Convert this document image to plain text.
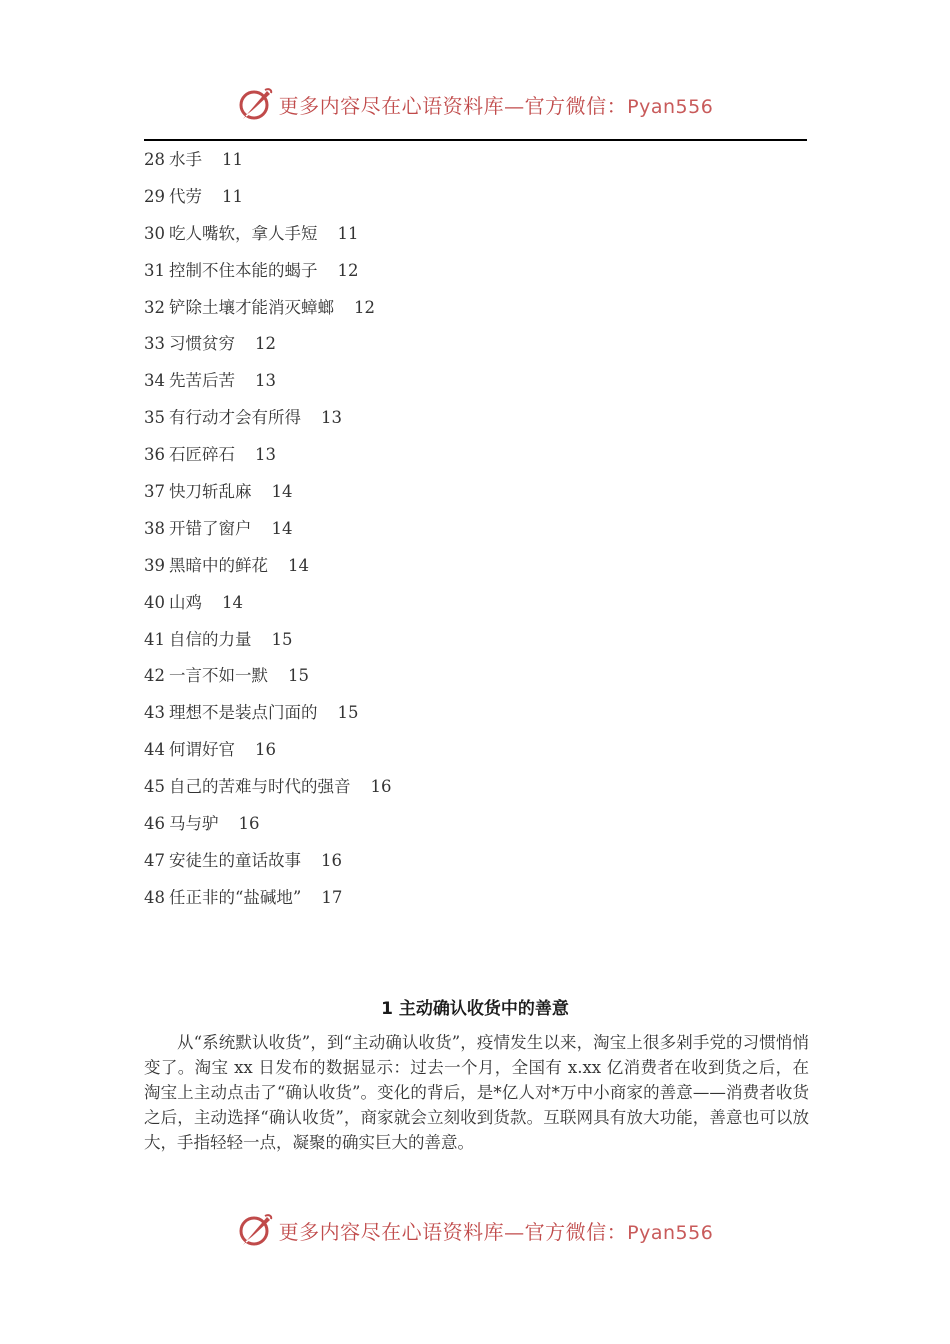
更多内容尽在心语资料库—官方微信：Pyan556
28 水手 11
29 代劳 11
30 吃人嘴软，拿人手短 11
31 控制不住本能的蝎子 12
32 铲除土壤才能消灭蟑螂 12
33 习惯贫穷 12
34 先苦后苦 13
35 有行动才会有所得 13
36 石匠碎石 13
37 快刀斩乱麻 14
38 开错了窗户 14
39 黑暗中的鲜花 14
40 山鸡 14
41 自信的力量 15
42 一言不如一默 15
43 理想不是装点门面的 15
44 何谓好官 16
45 自己的苦难与时代的强音 16
46 马与驴 16
47 安徒生的童话故事 16
48 任正非的“盐碱地” 17
1 主动确认收货中的善意

从“系统默认收货”，到“主动确认收货”，疫情发生以来，淘宝上很多剁手党的习惯悄悄变了。淘宝 xx 日发布的数据显示：过去一个月，全国有 x.xx 亿消费者在收到货之后，在淘宝上主动点击了“确认收货”。变化的背后，是*亿人对*万中小商家的善意——消费者收货之后，主动选择“确认收货”，商家就会立刻收到货款。互联网具有放大功能，善意也可以放大，手指轻轻一点，凝聚的确实巨大的善意。

更多内容尽在心语资料库—官方微信：Pyan556
